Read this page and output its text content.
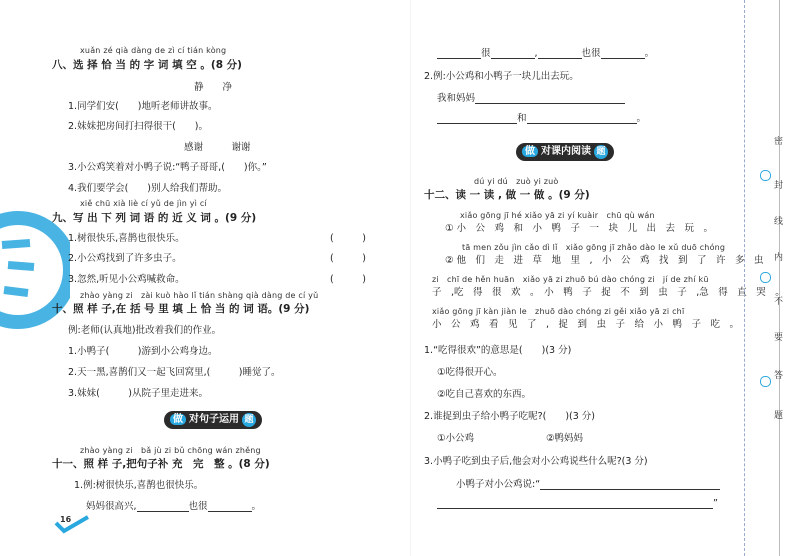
xuǎn zé qià dàng de zì cí tián kòng
八、选 择 恰 当 的 字 词 填 空 。(8 分)
静　　净
1.同学们安(　　)地听老师讲故事。
2.妹妹把房间打扫得很干(　　)。
感谢　　　谢谢
3.小公鸡笑着对小鸭子说:“鸭子哥哥,(　　)你。”
4.我们要学会(　　)别人给我们帮助。
xiě chū xià liè cí yǔ de jìn yì cí
九、写 出 下 列 词 语 的 近 义 词 。(9 分)
1.树很快乐,喜鹊也很快乐。	(　　　)
2.小公鸡找到了许多虫子。	(　　　)
3.忽然,听见小公鸡喊救命。	(　　　)
zhào yàng zi　zài kuò hào lǐ tián shàng qià dàng de cí yǔ
十、照 样 子,在 括 号 里 填 上 恰 当 的 词 语。(9 分)
例:老师(认真地)批改着我们的作业。
1.小鸭子(　　　)游到小公鸡身边。
2.天一黑,喜鹊们又一起飞回窝里,(　　　)睡觉了。
3.妹妹(　　　)从院子里走进来。
做 对句子运用 题
zhào yàng zi　bǎ jù zi bǔ chōng wán zhěng
十一、照 样 子,把句子补 充　完　整 。(8 分)
1.例:树很快乐,喜鹊也很快乐。
妈妈很高兴,	也很	。
16
很	,	也很	。
2.例:小公鸡和小鸭子一块儿出去玩。
我和妈妈
和	。
做 对课内阅读 题
dú yi dú　zuò yi zuò
十二、读 一 读 , 做 一 做 。(9 分)
xiǎo gōng jī hé xiǎo yā zi yí kuàir　chū qù wán
① 小　公　鸡　和　小　鸭　子　一　块　儿　出　去　玩　。
tā men zǒu jìn cǎo dì lǐ　xiǎo gōng jī zhǎo dào le xǔ duō chóng
② 他　们　走　进　草　地　里　,　小　公　鸡　找　到　了　许　多　虫
zi　chī de hěn huān　xiǎo yā zi zhuō bú dào chóng zi　jí de zhí kū
子　,吃　得　很　欢　。　小　鸭　子　捉　不　到　虫　子　,急　得　直　哭　。
xiǎo gōng jī kàn jiàn le　zhuō dào chóng zi gěi xiǎo yā zi chī
小　公　鸡　看　见　了　,　捉　到　虫　子　给　小　鸭　子　吃　。
1.“吃得很欢”的意思是(　　)(3 分)
①吃得很开心。
②吃自己喜欢的东西。
2.谁捉到虫子给小鸭子吃呢?(　　)(3 分)
①小公鸡	②鸭妈妈
3.小鸭子吃到虫子后,他会对小公鸡说些什么呢?(3 分)
小鸭子对小公鸡说:“
”
密
封
线
内
不
要
答
题
